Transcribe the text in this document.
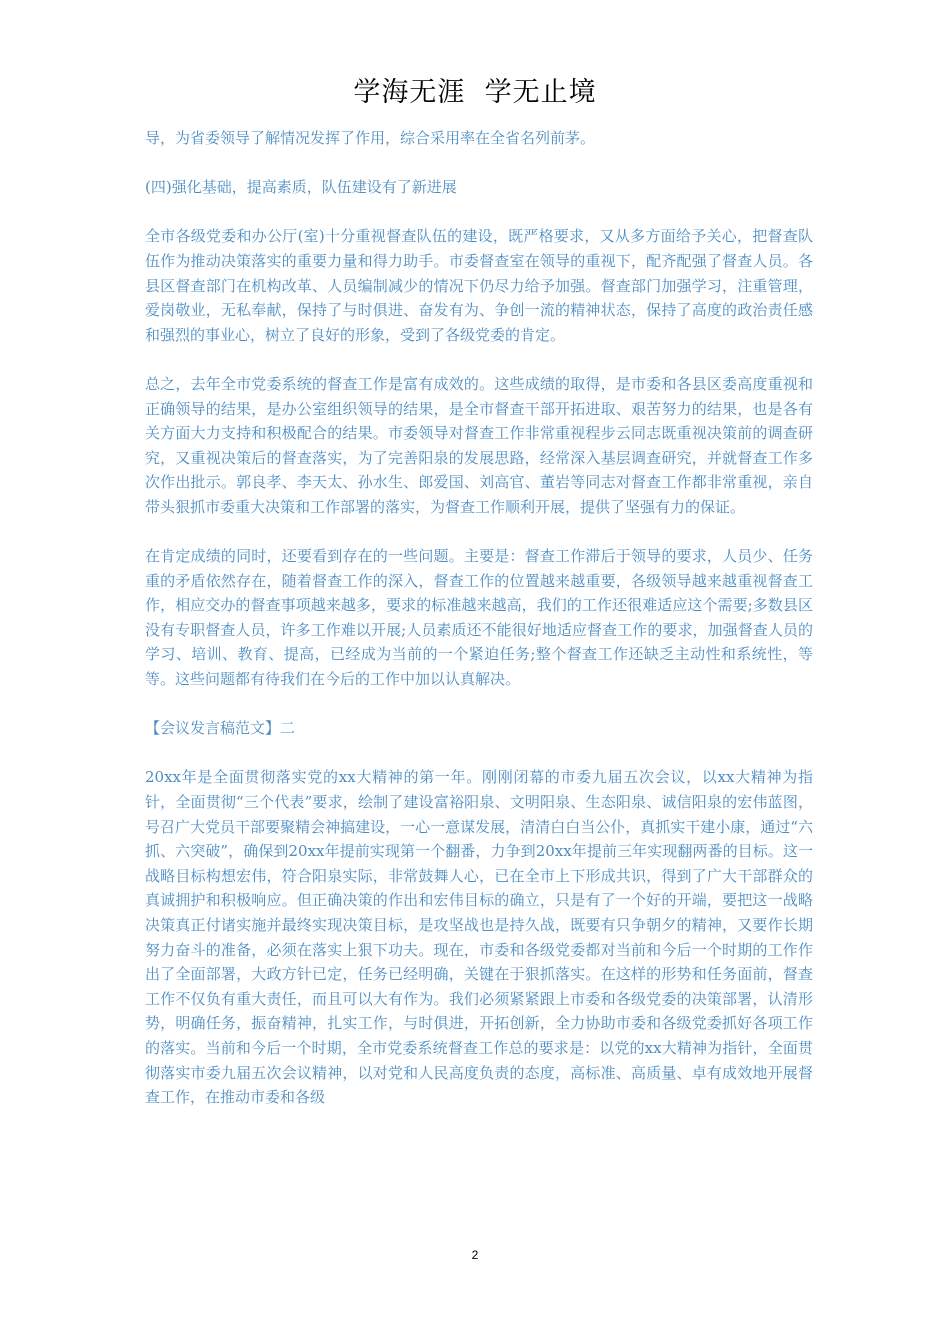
学海无涯  学无止境

导，为省委领导了解情况发挥了作用，综合采用率在全省名列前茅。

(四)强化基础，提高素质，队伍建设有了新进展

全市各级党委和办公厅(室)十分重视督查队伍的建设，既严格要求，又从多方面给予关心，把督查队伍作为推动决策落实的重要力量和得力助手。市委督查室在领导的重视下，配齐配强了督查人员。各县区督查部门在机构改革、人员编制减少的情况下仍尽力给予加强。督查部门加强学习，注重管理，爱岗敬业，无私奉献，保持了与时俱进、奋发有为、争创一流的精神状态，保持了高度的政治责任感和强烈的事业心，树立了良好的形象，受到了各级党委的肯定。

总之，去年全市党委系统的督查工作是富有成效的。这些成绩的取得，是市委和各县区委高度重视和正确领导的结果，是办公室组织领导的结果，是全市督查干部开拓进取、艰苦努力的结果，也是各有关方面大力支持和积极配合的结果。市委领导对督查工作非常重视程步云同志既重视决策前的调查研究，又重视决策后的督查落实，为了完善阳泉的发展思路，经常深入基层调查研究，并就督查工作多次作出批示。郭良孝、李天太、孙水生、郎爱国、刘高官、董岩等同志对督查工作都非常重视，亲自带头狠抓市委重大决策和工作部署的落实，为督查工作顺利开展，提供了坚强有力的保证。

在肯定成绩的同时，还要看到存在的一些问题。主要是：督查工作滞后于领导的要求，人员少、任务重的矛盾依然存在，随着督查工作的深入，督查工作的位置越来越重要，各级领导越来越重视督查工作，相应交办的督查事项越来越多，要求的标准越来越高，我们的工作还很难适应这个需要;多数县区没有专职督查人员，许多工作难以开展;人员素质还不能很好地适应督查工作的要求，加强督查人员的学习、培训、教育、提高，已经成为当前的一个紧迫任务;整个督查工作还缺乏主动性和系统性，等等。这些问题都有待我们在今后的工作中加以认真解决。

【会议发言稿范文】二

20xx年是全面贯彻落实党的xx大精神的第一年。刚刚闭幕的市委九届五次会议，以xx大精神为指针，全面贯彻“三个代表”要求，绘制了建设富裕阳泉、文明阳泉、生态阳泉、诚信阳泉的宏伟蓝图，号召广大党员干部要聚精会神搞建设，一心一意谋发展，清清白白当公仆，真抓实干建小康，通过“六抓、六突破”，确保到20xx年提前实现第一个翻番，力争到20xx年提前三年实现翻两番的目标。这一战略目标构想宏伟，符合阳泉实际，非常鼓舞人心，已在全市上下形成共识，得到了广大干部群众的真诚拥护和积极响应。但正确决策的作出和宏伟目标的确立，只是有了一个好的开端，要把这一战略决策真正付诸实施并最终实现决策目标，是攻坚战也是持久战，既要有只争朝夕的精神，又要作长期努力奋斗的准备，必须在落实上狠下功夫。现在，市委和各级党委都对当前和今后一个时期的工作作出了全面部署，大政方针已定，任务已经明确，关键在于狠抓落实。在这样的形势和任务面前，督查工作不仅负有重大责任，而且可以大有作为。我们必须紧紧跟上市委和各级党委的决策部署，认清形势，明确任务，振奋精神，扎实工作，与时俱进，开拓创新，全力协助市委和各级党委抓好各项工作的落实。当前和今后一个时期，全市党委系统督查工作总的要求是：以党的xx大精神为指针，全面贯彻落实市委九届五次会议精神，以对党和人民高度负责的态度，高标准、高质量、卓有成效地开展督查工作，在推动市委和各级

2
